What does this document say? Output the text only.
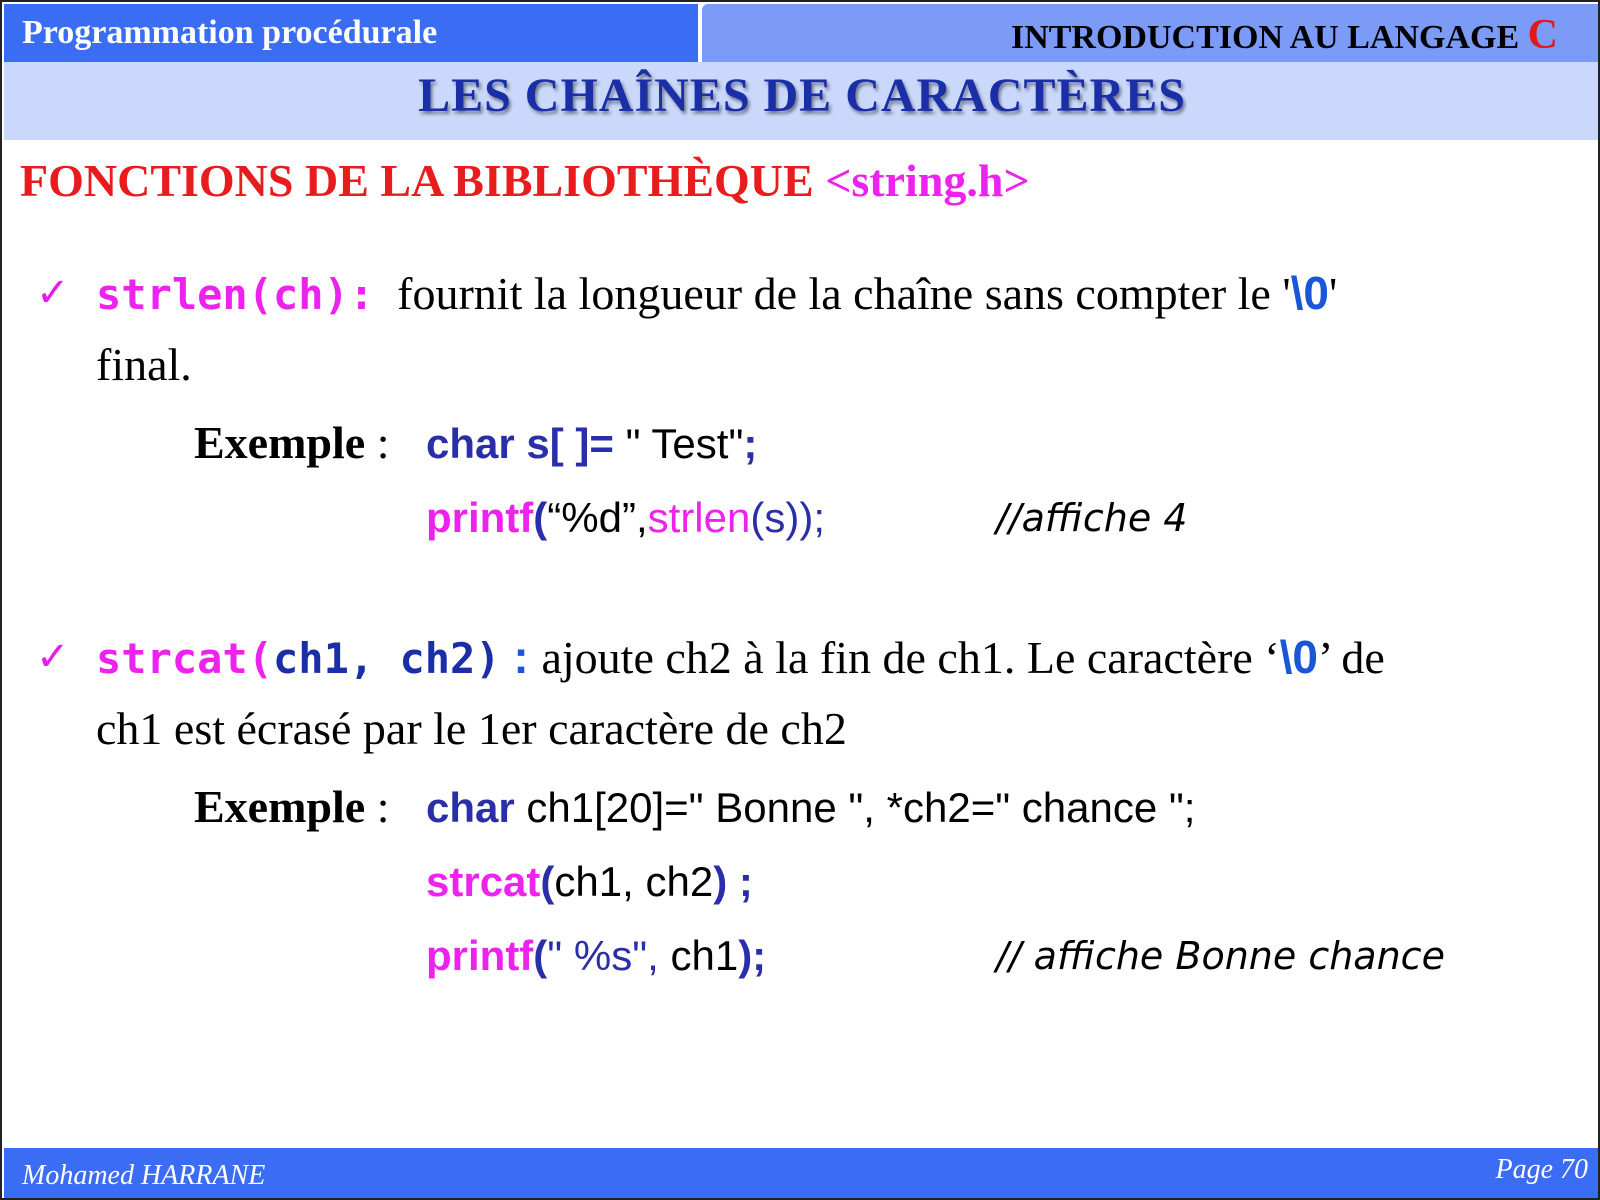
Programmation procédurale	INTRODUCTION AU LANGAGE C
LES CHAÎNES DE CARACTÈRES
FONCTIONS DE LA BIBLIOTHÈQUE <string.h>
✓ strlen(ch): fournit la longueur de la chaîne sans compter le '\0'
final.
Exemple : char s[ ]= " Test";
printf(“%d”,strlen(s));	//affiche 4
✓ strcat(ch1, ch2) : ajoute ch2 à la fin de ch1. Le caractère ‘\0’ de
ch1 est écrasé par le 1er caractère de ch2
Exemple : char ch1[20]=" Bonne ", *ch2=" chance ";
strcat(ch1, ch2) ;
printf(" %s", ch1);	// affiche Bonne chance
Mohamed HARRANE	Page 70
